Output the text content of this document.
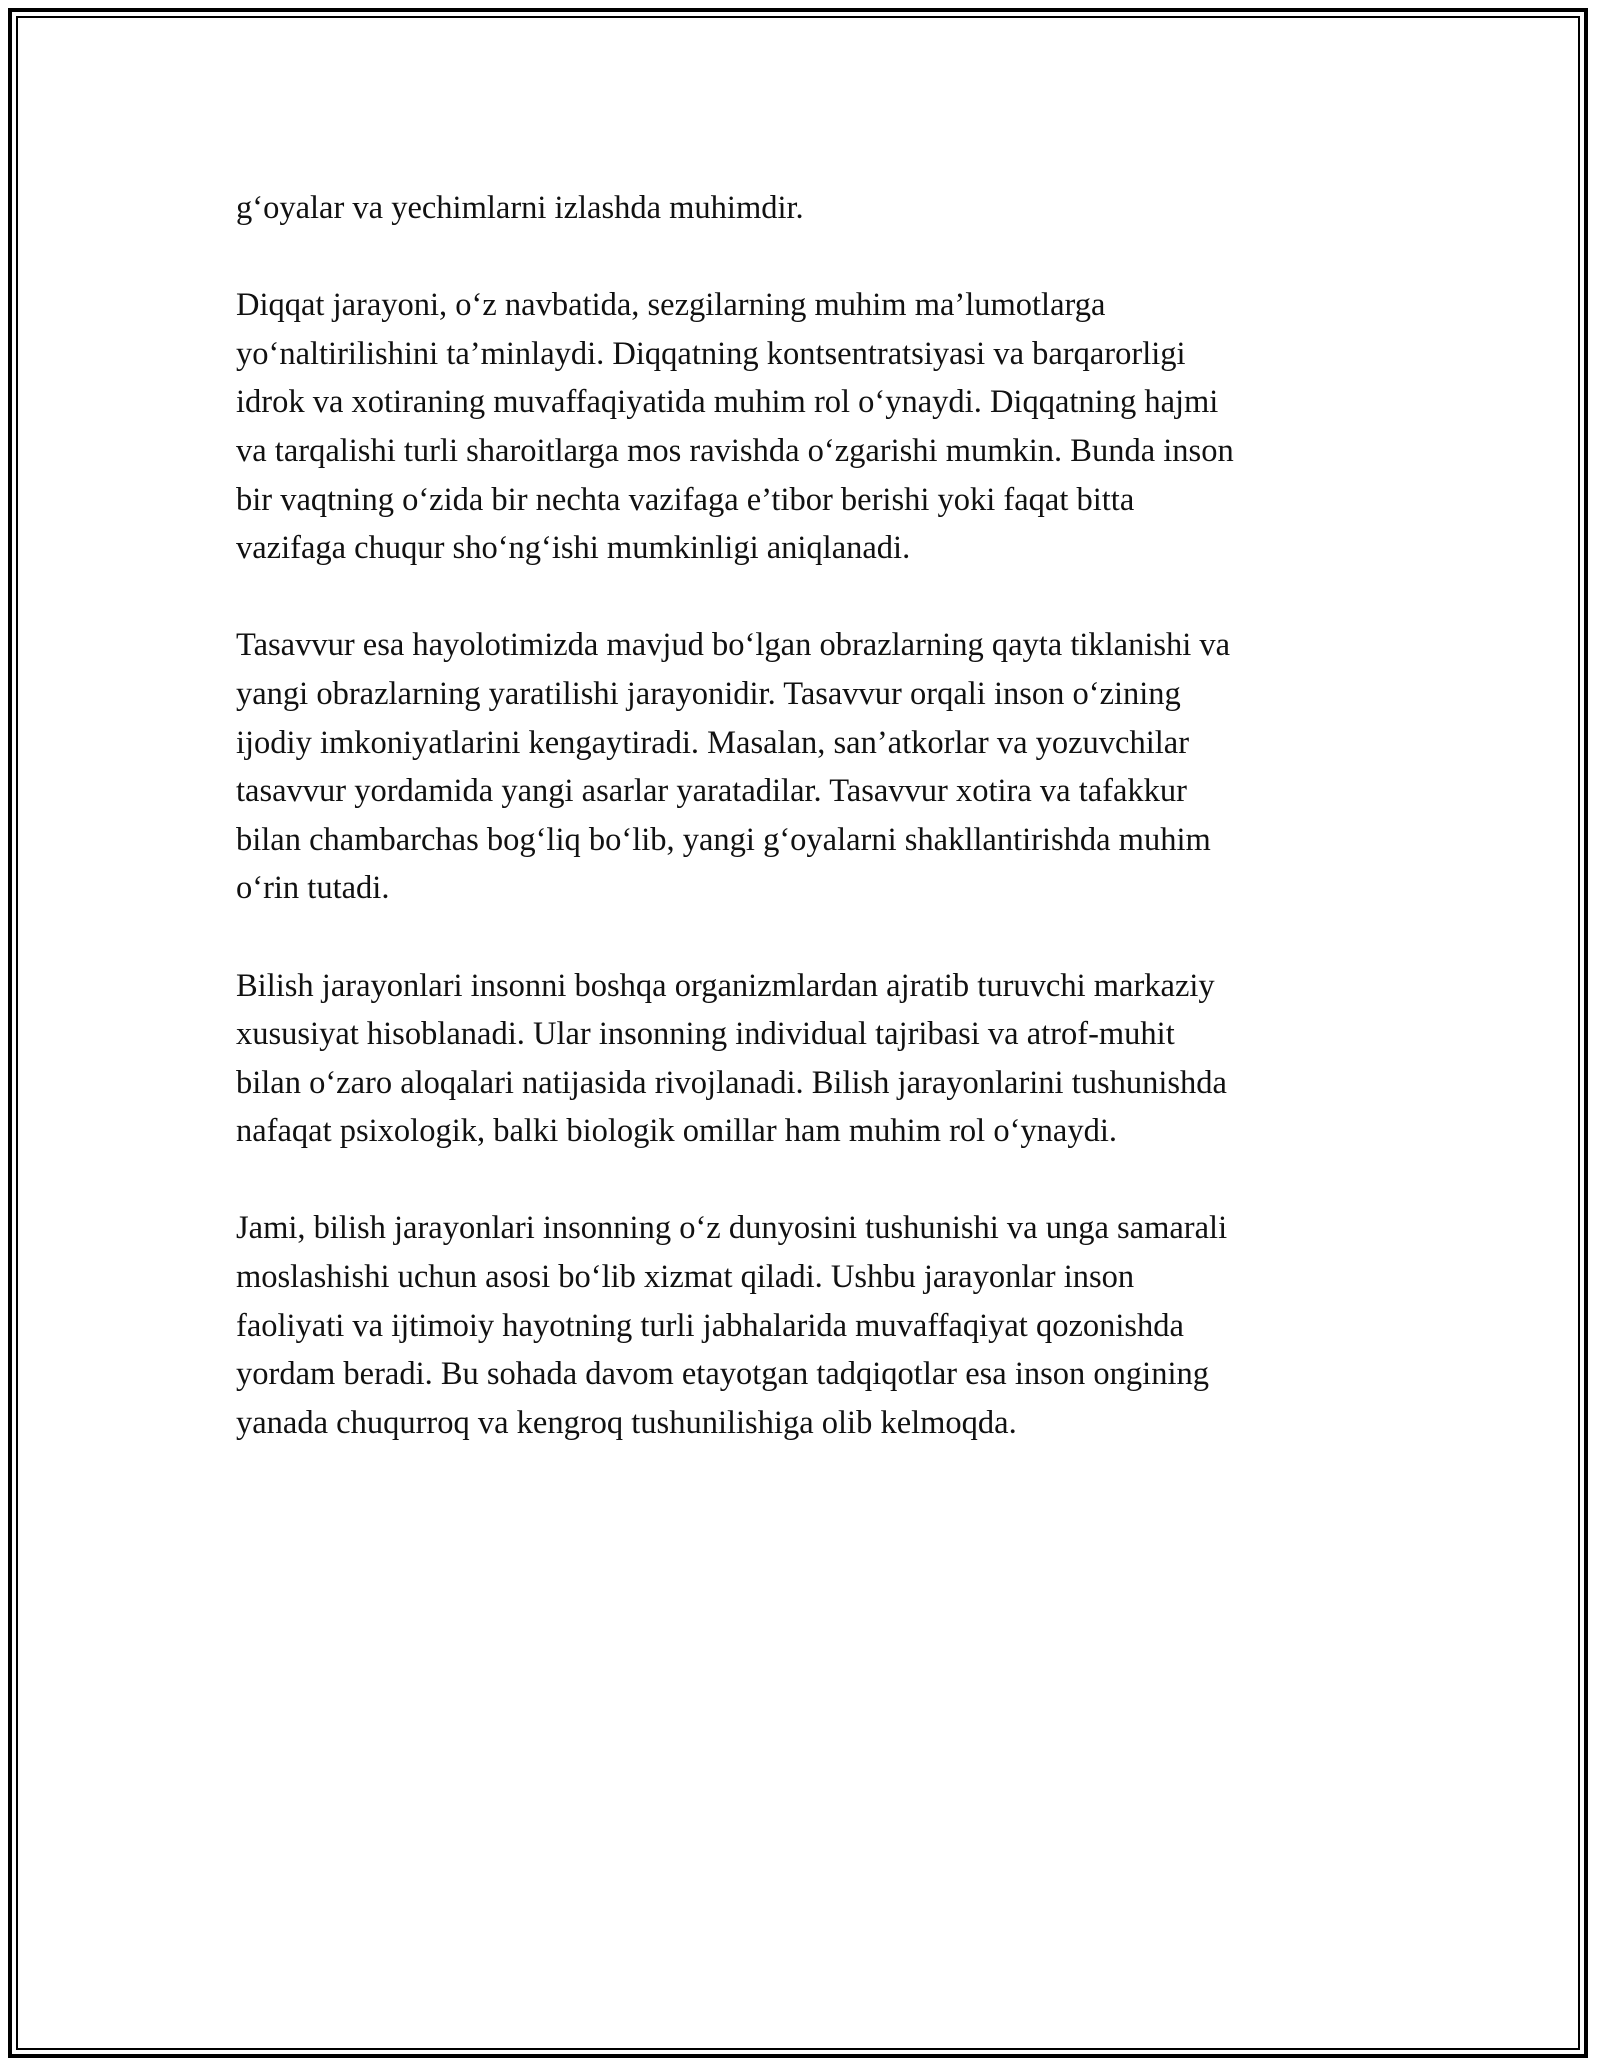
g‘oyalar va yechimlarni izlashda muhimdir.

Diqqat jarayoni, o‘z navbatida, sezgilarning muhim ma’lumotlarga
yo‘naltirilishini ta’minlaydi. Diqqatning kontsentratsiyasi va barqarorligi
idrok va xotiraning muvaffaqiyatida muhim rol o‘ynaydi. Diqqatning hajmi
va tarqalishi turli sharoitlarga mos ravishda o‘zgarishi mumkin. Bunda inson
bir vaqtning o‘zida bir nechta vazifaga e’tibor berishi yoki faqat bitta
vazifaga chuqur sho‘ng‘ishi mumkinligi aniqlanadi.

Tasavvur esa hayolotimizda mavjud bo‘lgan obrazlarning qayta tiklanishi va
yangi obrazlarning yaratilishi jarayonidir. Tasavvur orqali inson o‘zining
ijodiy imkoniyatlarini kengaytiradi. Masalan, san’atkorlar va yozuvchilar
tasavvur yordamida yangi asarlar yaratadilar. Tasavvur xotira va tafakkur
bilan chambarchas bog‘liq bo‘lib, yangi g‘oyalarni shakllantirishda muhim
o‘rin tutadi.

Bilish jarayonlari insonni boshqa organizmlardan ajratib turuvchi markaziy
xususiyat hisoblanadi. Ular insonning individual tajribasi va atrof-muhit
bilan o‘zaro aloqalari natijasida rivojlanadi. Bilish jarayonlarini tushunishda
nafaqat psixologik, balki biologik omillar ham muhim rol o‘ynaydi.

Jami, bilish jarayonlari insonning o‘z dunyosini tushunishi va unga samarali
moslashishi uchun asosi bo‘lib xizmat qiladi. Ushbu jarayonlar inson
faoliyati va ijtimoiy hayotning turli jabhalarida muvaffaqiyat qozonishda
yordam beradi. Bu sohada davom etayotgan tadqiqotlar esa inson ongining
yanada chuqurroq va kengroq tushunilishiga olib kelmoqda.
